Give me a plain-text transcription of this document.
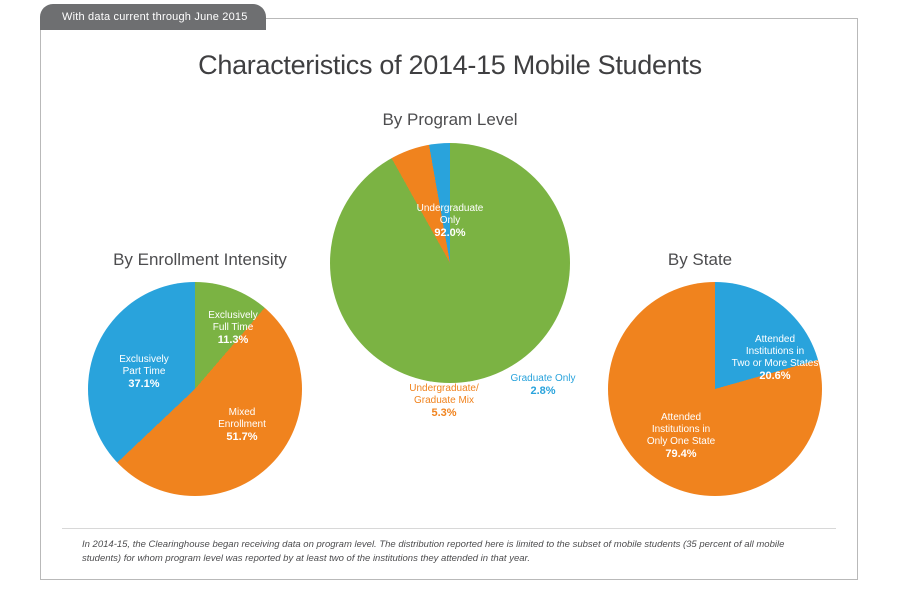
With data current through June 2015
Characteristics of 2014-15 Mobile Students
By Program Level
Undergraduate
Only
92.0%
Undergraduate/
Graduate Mix
5.3%
Graduate Only
2.8%
By Enrollment Intensity
Exclusively
Full Time
11.3%
Mixed
Enrollment
51.7%
Exclusively
Part Time
37.1%
By State
Attended
Institutions in
Two or More States
20.6%
Attended
Institutions in
Only One State
79.4%
In 2014-15, the Clearinghouse began receiving data on program level. The distribution reported here is limited to the subset of mobile students (35 percent of all mobile students) for whom program level was reported by at least two of the institutions they attended in that year.
